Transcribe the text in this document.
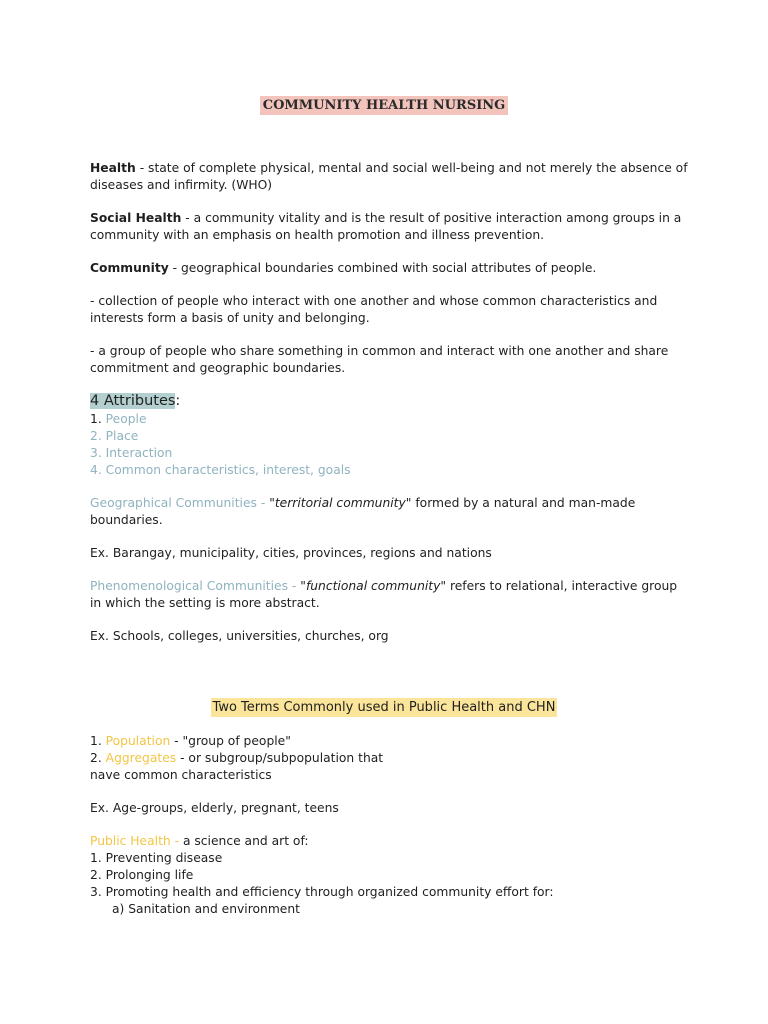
COMMUNITY HEALTH NURSING

Health - state of complete physical, mental and social well-being and not merely the absence of diseases and infirmity. (WHO)

Social Health - a community vitality and is the result of positive interaction among groups in a community with an emphasis on health promotion and illness prevention.

Community - geographical boundaries combined with social attributes of people.

- collection of people who interact with one another and whose common characteristics and interests form a basis of unity and belonging.

- a group of people who share something in common and interact with one another and share commitment and geographic boundaries.

4 Attributes:

1. People

2. Place

3. Interaction

4. Common characteristics, interest, goals

Geographical Communities - "territorial community" formed by a natural and man-made boundaries.

Ex. Barangay, municipality, cities, provinces, regions and nations

Phenomenological Communities - "functional community" refers to relational, interactive group in which the setting is more abstract.

Ex. Schools, colleges, universities, churches, org

Two Terms Commonly used in Public Health and CHN

1. Population - "group of people"

2. Aggregates - or subgroup/subpopulation that

nave common characteristics

Ex. Age-groups, elderly, pregnant, teens

Public Health - a science and art of:

1. Preventing disease

2. Prolonging life

3. Promoting health and efficiency through organized community effort for:

a) Sanitation and environment
